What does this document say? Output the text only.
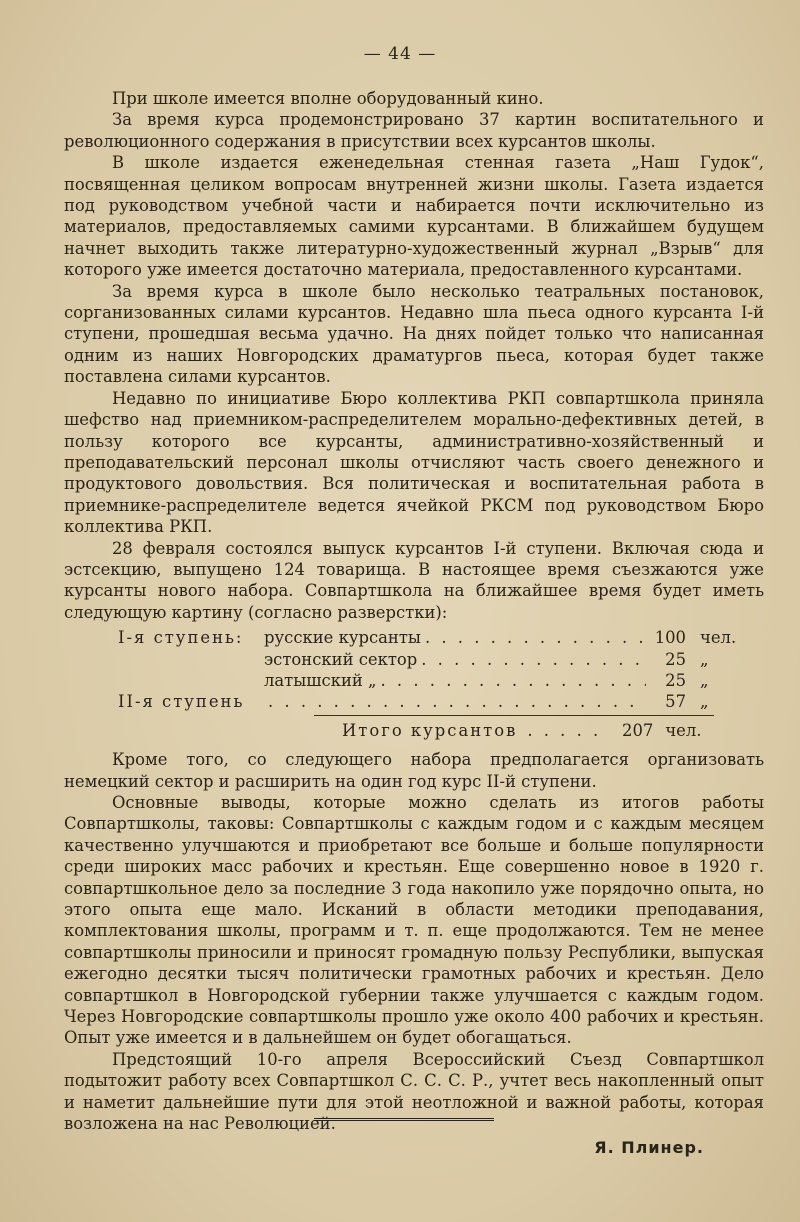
— 44 —

При школе имеется вполне оборудованный кино.

За время курса продемонстрировано 37 картин воспитательного и революционного содержания в присутствии всех курсантов школы.

В школе издается еженедельная стенная газета „Наш Гудок“, посвященная целиком вопросам внутренней жизни школы. Газета издается под руководством учебной части и набирается почти исключительно из материалов, предоставляемых самими курсантами. В ближайшем будущем начнет выходить также литературно-художественный журнал „Взрыв“ для которого уже имеется достаточно материала, предоставленного курсантами.

За время курса в школе было несколько театральных постановок, сорганизованных силами курсантов. Недавно шла пьеса одного курсанта I-й ступени, прошедшая весьма удачно. На днях пойдет только что написанная одним из наших Новгородских драматургов пьеса, которая будет также поставлена силами курсантов.

Недавно по инициативе Бюро коллектива РКП совпартшкола приняла шефство над приемником-распределителем морально-дефективных детей, в пользу которого все курсанты, административно-хозяйственный и преподавательский персонал школы отчисляют часть своего денежного и продуктового довольствия. Вся политическая и воспитательная работа в приемнике-распределителе ведется ячейкой РКСМ под руководством Бюро коллектива РКП.

28 февраля состоялся выпуск курсантов I-й ступени. Включая сюда и эстсекцию, выпущено 124 товарища. В настоящее время съезжаются уже курсанты нового набора. Совпартшкола на ближайшее время будет иметь следующую картину (согласно разверстки):

I-я ступень:	русские курсанты . . .	100 чел.
эстонский сектор . . .	25 „
латышский „ . . .	25 „
II-я ступень . . .	57 „
Итого курсантов . . .	207 чел.

Кроме того, со следующего набора предполагается организовать немецкий сектор и расширить на один год курс II-й ступени.

Основные выводы, которые можно сделать из итогов работы Совпартшколы, таковы: Совпартшколы с каждым годом и с каждым месяцем качественно улучшаются и приобретают все больше и больше популярности среди широких масс рабочих и крестьян. Еще совершенно новое в 1920 г. совпартшкольное дело за последние 3 года накопило уже порядочно опыта, но этого опыта еще мало. Исканий в области методики преподавания, комплектования школы, программ и т. п. еще продолжаются. Тем не менее совпартшколы приносили и приносят громадную пользу Республики, выпуская ежегодно десятки тысяч политически грамотных рабочих и крестьян. Дело совпартшкол в Новгородской губернии также улучшается с каждым годом. Через Новгородские совпартшколы прошло уже около 400 рабочих и крестьян. Опыт уже имеется и в дальнейшем он будет обогащаться.

Предстоящий 10-го апреля Всероссийский Съезд Совпартшкол подытожит работу всех Совпартшкол С. С. С. Р., учтет весь накопленный опыт и наметит дальнейшие пути для этой неотложной и важной работы, которая возложена на нас Революцией.

Я. Плинер.
